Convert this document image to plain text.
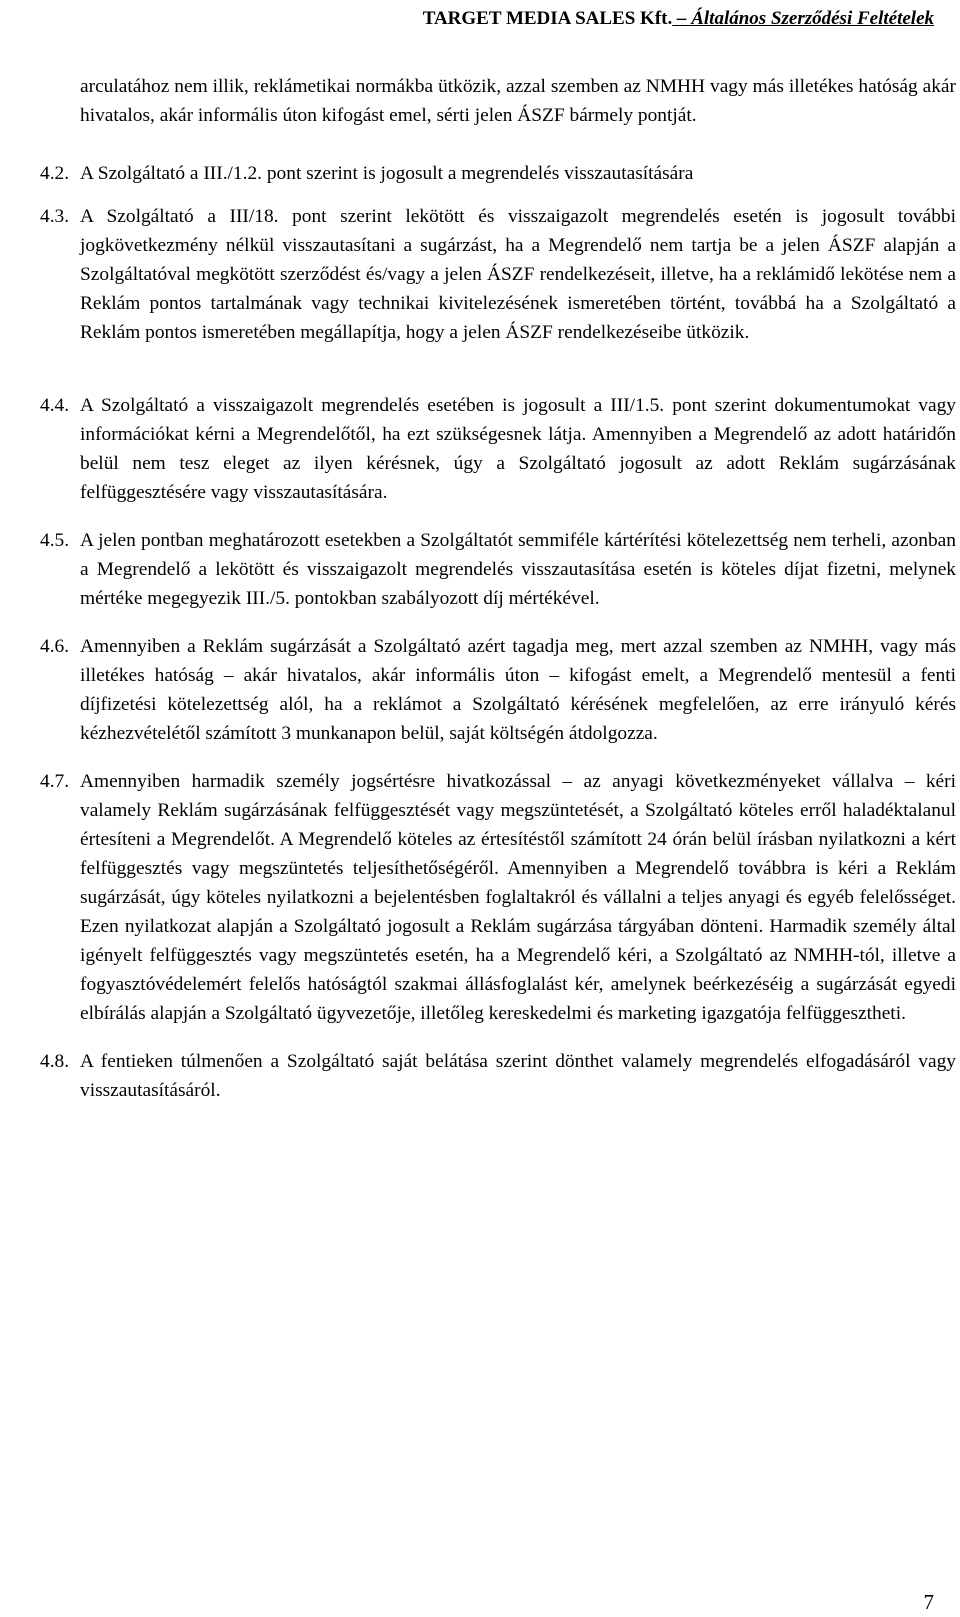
TARGET MEDIA SALES Kft. – Általános Szerződési Feltételek

arculatához nem illik, reklámetikai normákba ütközik, azzal szemben az NMHH vagy más illetékes hatóság akár hivatalos, akár informális úton kifogást emel, sérti jelen ÁSZF bármely pontját.

4.2. A Szolgáltató a III./1.2. pont szerint is jogosult a megrendelés visszautasítására

4.3. A Szolgáltató a III/18. pont szerint lekötött és visszaigazolt megrendelés esetén is jogosult további jogkövetkezmény nélkül visszautasítani a sugárzást, ha a Megrendelő nem tartja be a jelen ÁSZF alapján a Szolgáltatóval megkötött szerződést és/vagy a jelen ÁSZF rendelkezéseit, illetve, ha a reklámidő lekötése nem a Reklám pontos tartalmának vagy technikai kivitelezésének ismeretében történt, továbbá ha a Szolgáltató a Reklám pontos ismeretében megállapítja, hogy a jelen ÁSZF rendelkezéseibe ütközik.

4.4. A Szolgáltató a visszaigazolt megrendelés esetében is jogosult a III/1.5. pont szerint dokumentumokat vagy információkat kérni a Megrendelőtől, ha ezt szükségesnek látja. Amennyiben a Megrendelő az adott határidőn belül nem tesz eleget az ilyen kérésnek, úgy a Szolgáltató jogosult az adott Reklám sugárzásának felfüggesztésére vagy visszautasítására.

4.5. A jelen pontban meghatározott esetekben a Szolgáltatót semmiféle kártérítési kötelezettség nem terheli, azonban a Megrendelő a lekötött és visszaigazolt megrendelés visszautasítása esetén is köteles díjat fizetni, melynek mértéke megegyezik III./5. pontokban szabályozott díj mértékével.

4.6. Amennyiben a Reklám sugárzását a Szolgáltató azért tagadja meg, mert azzal szemben az NMHH, vagy más illetékes hatóság – akár hivatalos, akár informális úton – kifogást emelt, a Megrendelő mentesül a fenti díjfizetési kötelezettség alól, ha a reklámot a Szolgáltató kérésének megfelelően, az erre irányuló kérés kézhezvételétől számított 3 munkanapon belül, saját költségén átdolgozza.

4.7. Amennyiben harmadik személy jogsértésre hivatkozással – az anyagi következményeket vállalva – kéri valamely Reklám sugárzásának felfüggesztését vagy megszüntetését, a Szolgáltató köteles erről haladéktalanul értesíteni a Megrendelőt. A Megrendelő köteles az értesítéstől számított 24 órán belül írásban nyilatkozni a kért felfüggesztés vagy megszüntetés teljesíthetőségéről. Amennyiben a Megrendelő továbbra is kéri a Reklám sugárzását, úgy köteles nyilatkozni a bejelentésben foglaltakról és vállalni a teljes anyagi és egyéb felelősséget. Ezen nyilatkozat alapján a Szolgáltató jogosult a Reklám sugárzása tárgyában dönteni. Harmadik személy által igényelt felfüggesztés vagy megszüntetés esetén, ha a Megrendelő kéri, a Szolgáltató az NMHH-tól, illetve a fogyasztóvédelemért felelős hatóságtól szakmai állásfoglalást kér, amelynek beérkezéséig a sugárzását egyedi elbírálás alapján a Szolgáltató ügyvezetője, illetőleg kereskedelmi és marketing igazgatója felfüggesztheti.

4.8. A fentieken túlmenően a Szolgáltató saját belátása szerint dönthet valamely megrendelés elfogadásáról vagy visszautasításáról.

7
